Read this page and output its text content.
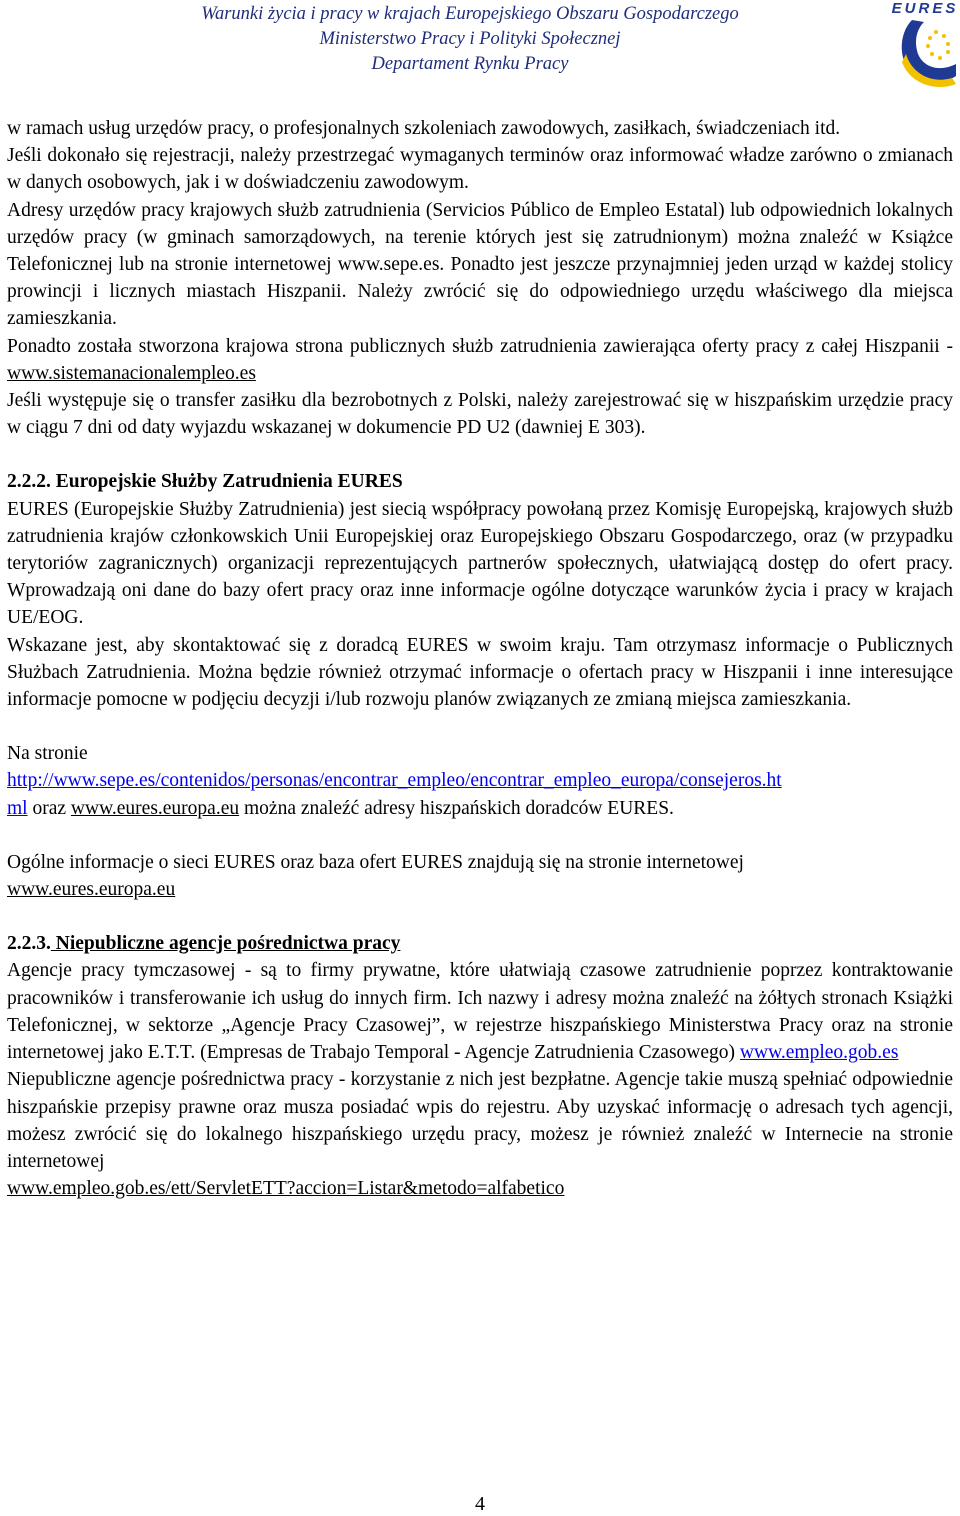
Warunki życia i pracy w krajach Europejskiego Obszaru Gospodarczego
Ministerstwo Pracy i Polityki Społecznej
Departament Rynku Pracy
EURES

w ramach usług urzędów pracy, o profesjonalnych szkoleniach zawodowych, zasiłkach, świadczeniach itd.

Jeśli dokonało się rejestracji, należy przestrzegać wymaganych terminów oraz informować władze zarówno o zmianach w danych osobowych, jak i w doświadczeniu zawodowym.

Adresy urzędów pracy krajowych służb zatrudnienia (Servicios Público de Empleo Estatal) lub odpowiednich lokalnych urzędów pracy (w gminach samorządowych, na terenie których jest się zatrudnionym) można znaleźć w Książce Telefonicznej lub na stronie internetowej www.sepe.es. Ponadto jest jeszcze przynajmniej jeden urząd w każdej stolicy prowincji i licznych miastach Hiszpanii. Należy zwrócić się do odpowiedniego urzędu właściwego dla miejsca zamieszkania.

Ponadto została stworzona krajowa strona publicznych służb zatrudnienia zawierająca oferty pracy z całej Hiszpanii - www.sistemanacionalempleo.es

Jeśli występuje się o transfer zasiłku dla bezrobotnych z Polski, należy zarejestrować się w hiszpańskim urzędzie pracy w ciągu 7 dni od daty wyjazdu wskazanej w dokumencie PD U2 (dawniej E 303).

2.2.2. Europejskie Służby Zatrudnienia EURES

EURES (Europejskie Służby Zatrudnienia) jest siecią współpracy powołaną przez Komisję Europejską, krajowych służb zatrudnienia krajów członkowskich Unii Europejskiej oraz Europejskiego Obszaru Gospodarczego, oraz (w przypadku terytoriów zagranicznych) organizacji reprezentujących partnerów społecznych, ułatwiającą dostęp do ofert pracy. Wprowadzają oni dane do bazy ofert pracy oraz inne informacje ogólne dotyczące warunków życia i pracy w krajach UE/EOG.

Wskazane jest, aby skontaktować się z doradcą EURES w swoim kraju. Tam otrzymasz informacje o Publicznych Służbach Zatrudnienia. Można będzie również otrzymać informacje o ofertach pracy w Hiszpanii i inne interesujące informacje pomocne w podjęciu decyzji i/lub rozwoju planów związanych ze zmianą miejsca zamieszkania.

Na stronie

http://www.sepe.es/contenidos/personas/encontrar_empleo/encontrar_empleo_europa/consejeros.ht

ml oraz www.eures.europa.eu można znaleźć adresy hiszpańskich doradców EURES.

Ogólne informacje o sieci EURES oraz baza ofert EURES znajdują się na stronie internetowej

www.eures.europa.eu

2.2.3. Niepubliczne agencje pośrednictwa pracy

Agencje pracy tymczasowej - są to firmy prywatne, które ułatwiają czasowe zatrudnienie poprzez kontraktowanie pracowników i transferowanie ich usług do innych firm. Ich nazwy i adresy można znaleźć na żółtych stronach Książki Telefonicznej, w sektorze „Agencje Pracy Czasowej”, w rejestrze hiszpańskiego Ministerstwa Pracy oraz na stronie internetowej jako E.T.T. (Empresas de Trabajo Temporal - Agencje Zatrudnienia Czasowego) www.empleo.gob.es

Niepubliczne agencje pośrednictwa pracy - korzystanie z nich jest bezpłatne. Agencje takie muszą spełniać odpowiednie hiszpańskie przepisy prawne oraz musza posiadać wpis do rejestru. Aby uzyskać informację o adresach tych agencji, możesz zwrócić się do lokalnego hiszpańskiego urzędu pracy, możesz je również znaleźć w Internecie na stronie internetowej

www.empleo.gob.es/ett/ServletETT?accion=Listar&metodo=alfabetico

4
